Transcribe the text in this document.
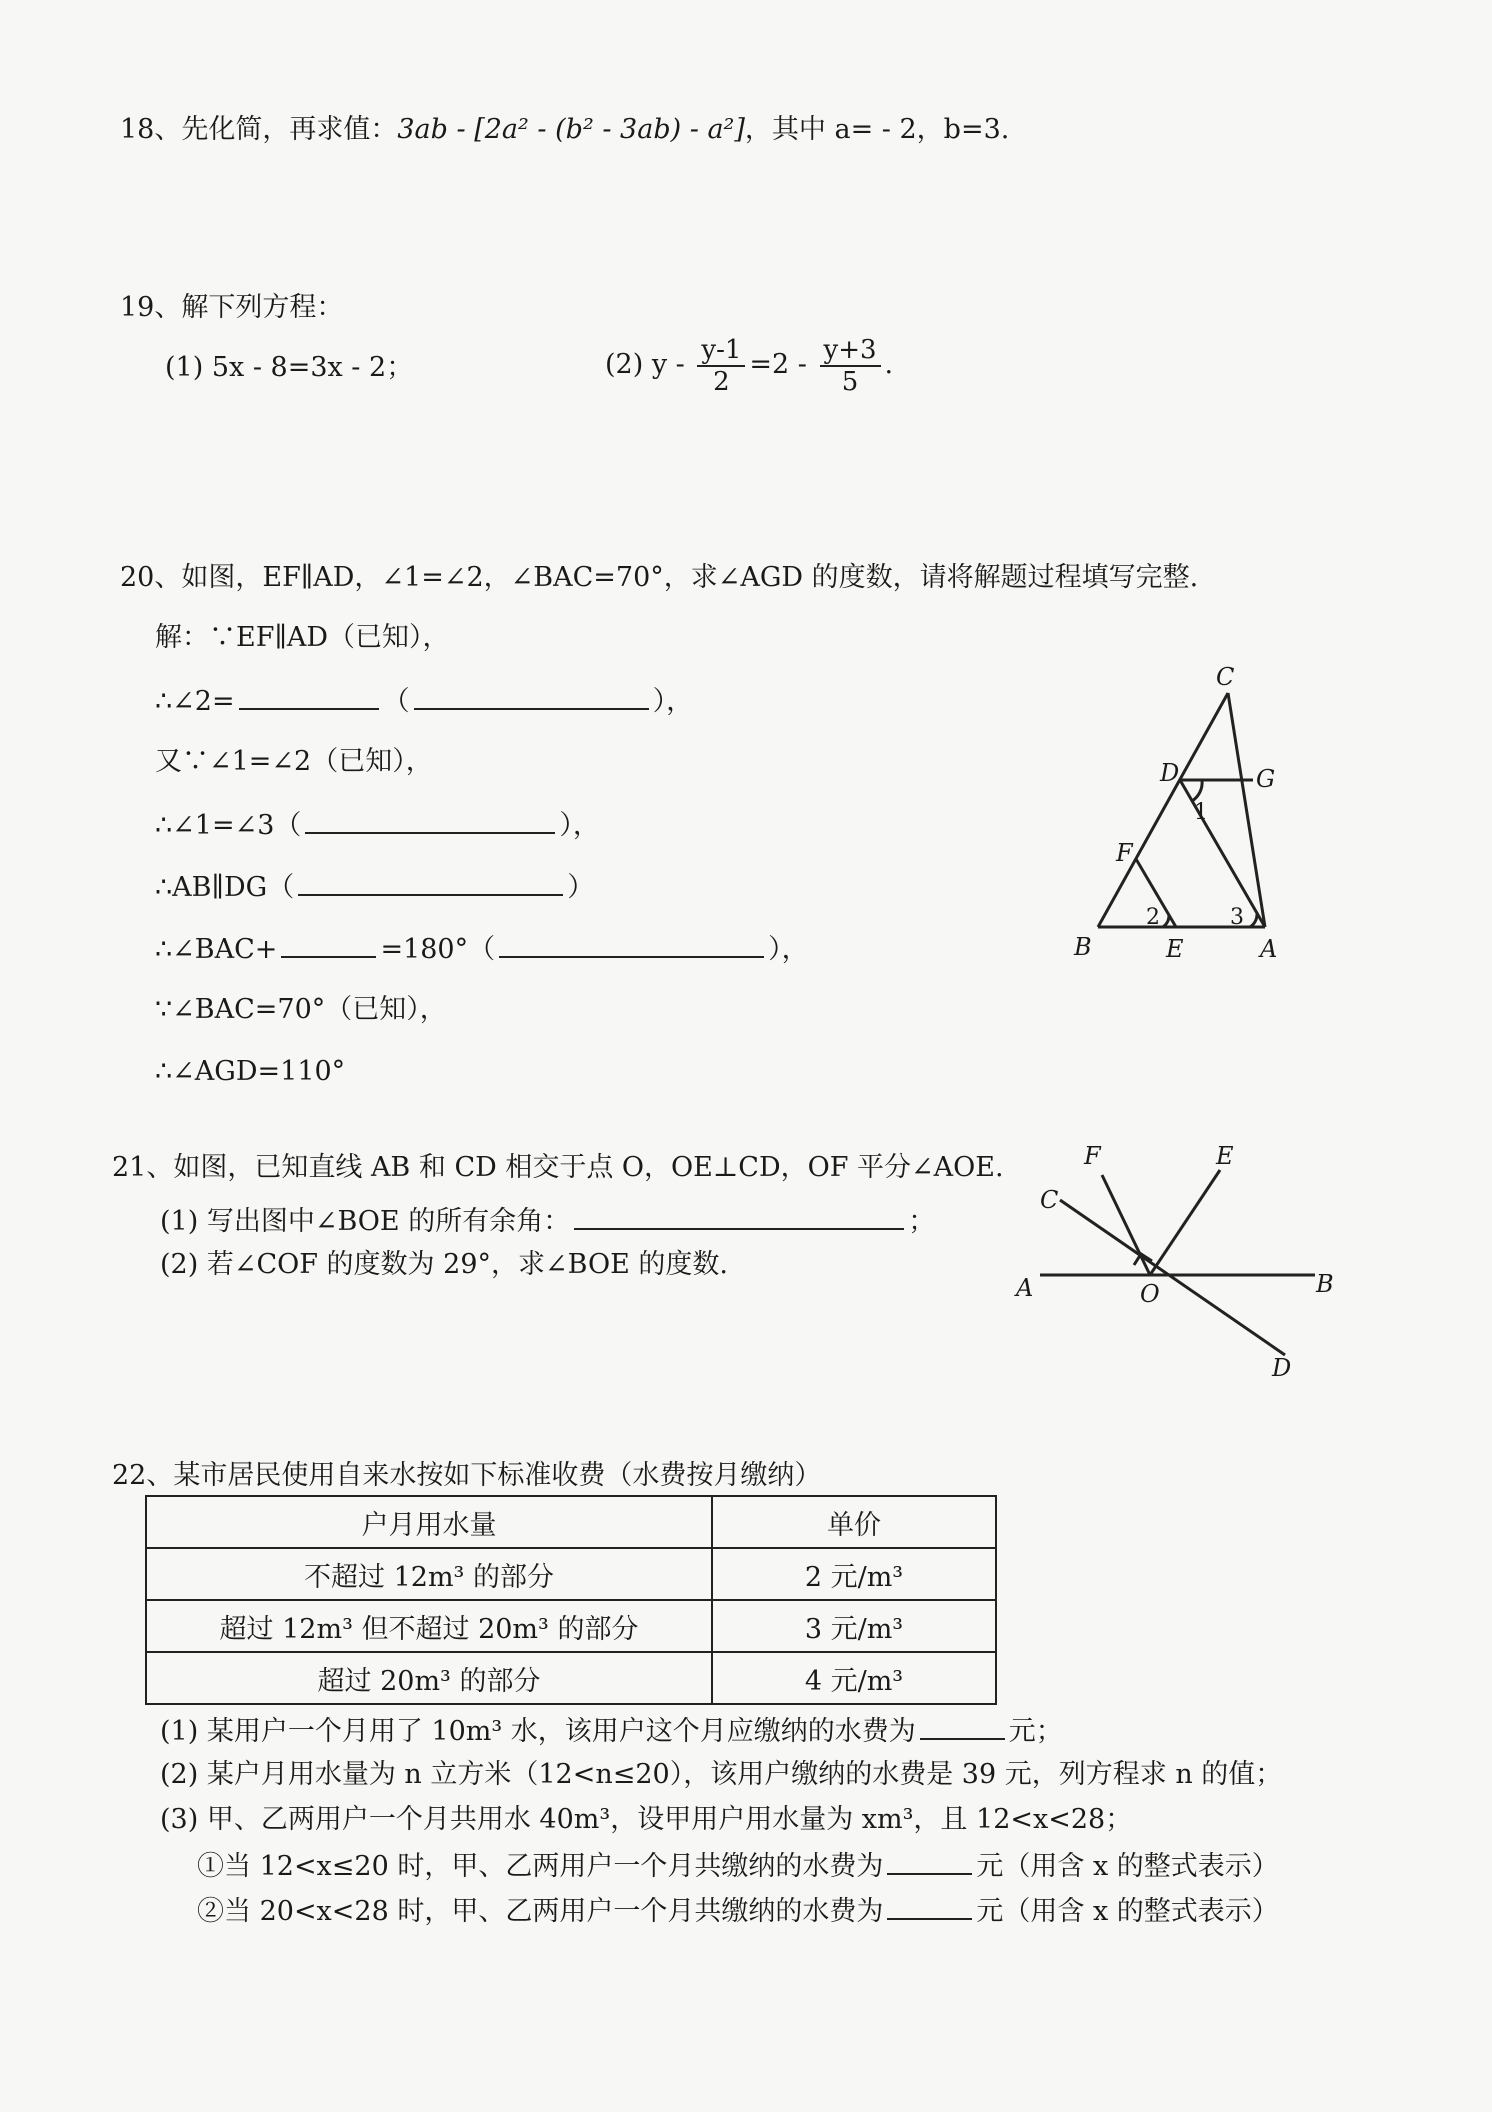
18、先化简，再求值：3ab - [2a² - (b² - 3ab) - a²]，其中 a= - 2，b=3.
19、解下列方程：
(1) 5x - 8=3x - 2；	(2) $y - \frac{y-1}{2} =2 - \frac{y+3}{5}$ .
20、如图，EF∥AD，∠1=∠2，∠BAC=70°，求∠AGD 的度数，请将解题过程填写完整.
解：∵EF∥AD（已知），
∴∠2=	（	），
又∵∠1=∠2（已知），
∴∠1=∠3（	），
∴AB∥DG（	）
∴∠BAC+	=180°（	），
∵∠BAC=70°（已知），
∴∠AGD=110°
C
D	G
F
B	E	A
1
2	3
21、如图，已知直线 AB 和 CD 相交于点 O，OE⊥CD，OF 平分∠AOE.
(1) 写出图中∠BOE 的所有余角：	；
(2) 若∠COF 的度数为 29°，求∠BOE 的度数.
A	B
C
D
E
F
O
22、某市居民使用自来水按如下标准收费（水费按月缴纳）
户月用水量	单价
不超过 12m³ 的部分	2 元/m³
超过 12m³ 但不超过 20m³ 的部分	3 元/m³
超过 20m³ 的部分	4 元/m³
(1) 某用户一个月用了 10m³ 水，该用户这个月应缴纳的水费为	元；
(2) 某户月用水量为 n 立方米（12<n≤20），该用户缴纳的水费是 39 元，列方程求 n 的值；
(3) 甲、乙两用户一个月共用水 40m³，设甲用户用水量为 xm³，且 12<x<28；
①当 12<x≤20 时，甲、乙两用户一个月共缴纳的水费为	元（用含 x 的整式表示）
②当 20<x<28 时，甲、乙两用户一个月共缴纳的水费为	元（用含 x 的整式表示）
